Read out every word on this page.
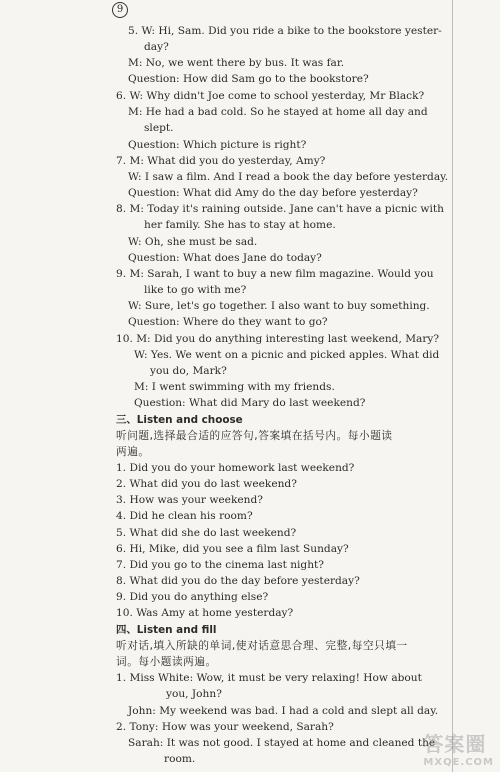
9
5. W: Hi, Sam. Did you ride a bike to the bookstore yester-
day?
M: No, we went there by bus. It was far.
Question: How did Sam go to the bookstore?
6. W: Why didn't Joe come to school yesterday, Mr Black?
M: He had a bad cold. So he stayed at home all day and
slept.
Question: Which picture is right?
7. M: What did you do yesterday, Amy?
W: I saw a film. And I read a book the day before yesterday.
Question: What did Amy do the day before yesterday?
8. M: Today it's raining outside. Jane can't have a picnic with
her family. She has to stay at home.
W: Oh, she must be sad.
Question: What does Jane do today?
9. M: Sarah, I want to buy a new film magazine. Would you
like to go with me?
W: Sure, let's go together. I also want to buy something.
Question: Where do they want to go?
10. M: Did you do anything interesting last weekend, Mary?
W: Yes. We went on a picnic and picked apples. What did
you do, Mark?
M: I went swimming with my friends.
Question: What did Mary do last weekend?
三、Listen and choose
听问题,选择最合适的应答句,答案填在括号内。每小题读
两遍。
1. Did you do your homework last weekend?
2. What did you do last weekend?
3. How was your weekend?
4. Did he clean his room?
5. What did she do last weekend?
6. Hi, Mike, did you see a film last Sunday?
7. Did you go to the cinema last night?
8. What did you do the day before yesterday?
9. Did you do anything else?
10. Was Amy at home yesterday?
四、Listen and fill
听对话,填入所缺的单词,使对话意思合理、完整,每空只填一
词。每小题读两遍。
1. Miss White: Wow, it must be very relaxing! How about
you, John?
John: My weekend was bad. I had a cold and slept all day.
2. Tony: How was your weekend, Sarah?
Sarah: It was not good. I stayed at home and cleaned the
room.
答案圈
MXQE.COM
